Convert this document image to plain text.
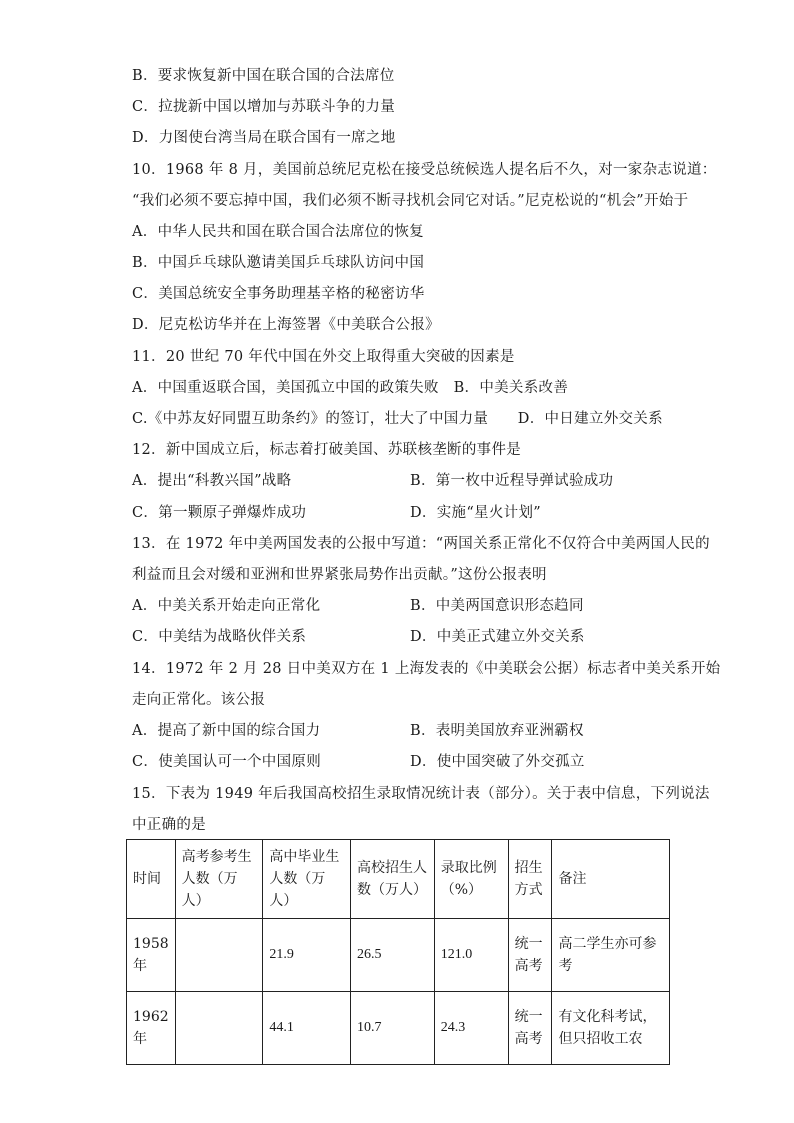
B．要求恢复新中国在联合国的合法席位
C．拉拢新中国以增加与苏联斗争的力量
D．力图使台湾当局在联合国有一席之地
10．1968 年 8 月，美国前总统尼克松在接受总统候选人提名后不久，对一家杂志说道：
“我们必须不要忘掉中国，我们必须不断寻找机会同它对话。”尼克松说的“机会”开始于
A．中华人民共和国在联合国合法席位的恢复
B．中国乒乓球队邀请美国乒乓球队访问中国
C．美国总统安全事务助理基辛格的秘密访华
D．尼克松访华并在上海签署《中美联合公报》
11．20 世纪 70 年代中国在外交上取得重大突破的因素是
A．中国重返联合国，美国孤立中国的政策失败　B．中美关系改善
C.《中苏友好同盟互助条约》的签订，壮大了中国力量　　D．中日建立外交关系
12．新中国成立后，标志着打破美国、苏联核垄断的事件是
A．提出“科教兴国”战略	B．第一枚中近程导弹试验成功
C．第一颗原子弹爆炸成功	D．实施“星火计划”
13．在 1972 年中美两国发表的公报中写道：“两国关系正常化不仅符合中美两国人民的
利益而且会对缓和亚洲和世界紧张局势作出贡献。”这份公报表明
A．中美关系开始走向正常化	B．中美两国意识形态趋同
C．中美结为战略伙伴关系	D．中美正式建立外交关系
14．1972 年 2 月 28 日中美双方在 1 上海发表的《中美联会公据）标志者中美关系开始
走向正常化。该公报
A．提高了新中国的综合国力	B．表明美国放弃亚洲霸权
C．使美国认可一个中国原则	D．使中国突破了外交孤立
15．下表为 1949 年后我国高校招生录取情况统计表（部分）。关于表中信息，下列说法
中正确的是
时间	高考参考生人数（万人）	高中毕业生人数（万人）	高校招生人数（万人）	录取比例（%）	招生方式	备注
1958年		21.9	26.5	121.0	统一高考	高二学生亦可参考
1962年		44.1	10.7	24.3	统一高考	有文化科考试，但只招收工农
